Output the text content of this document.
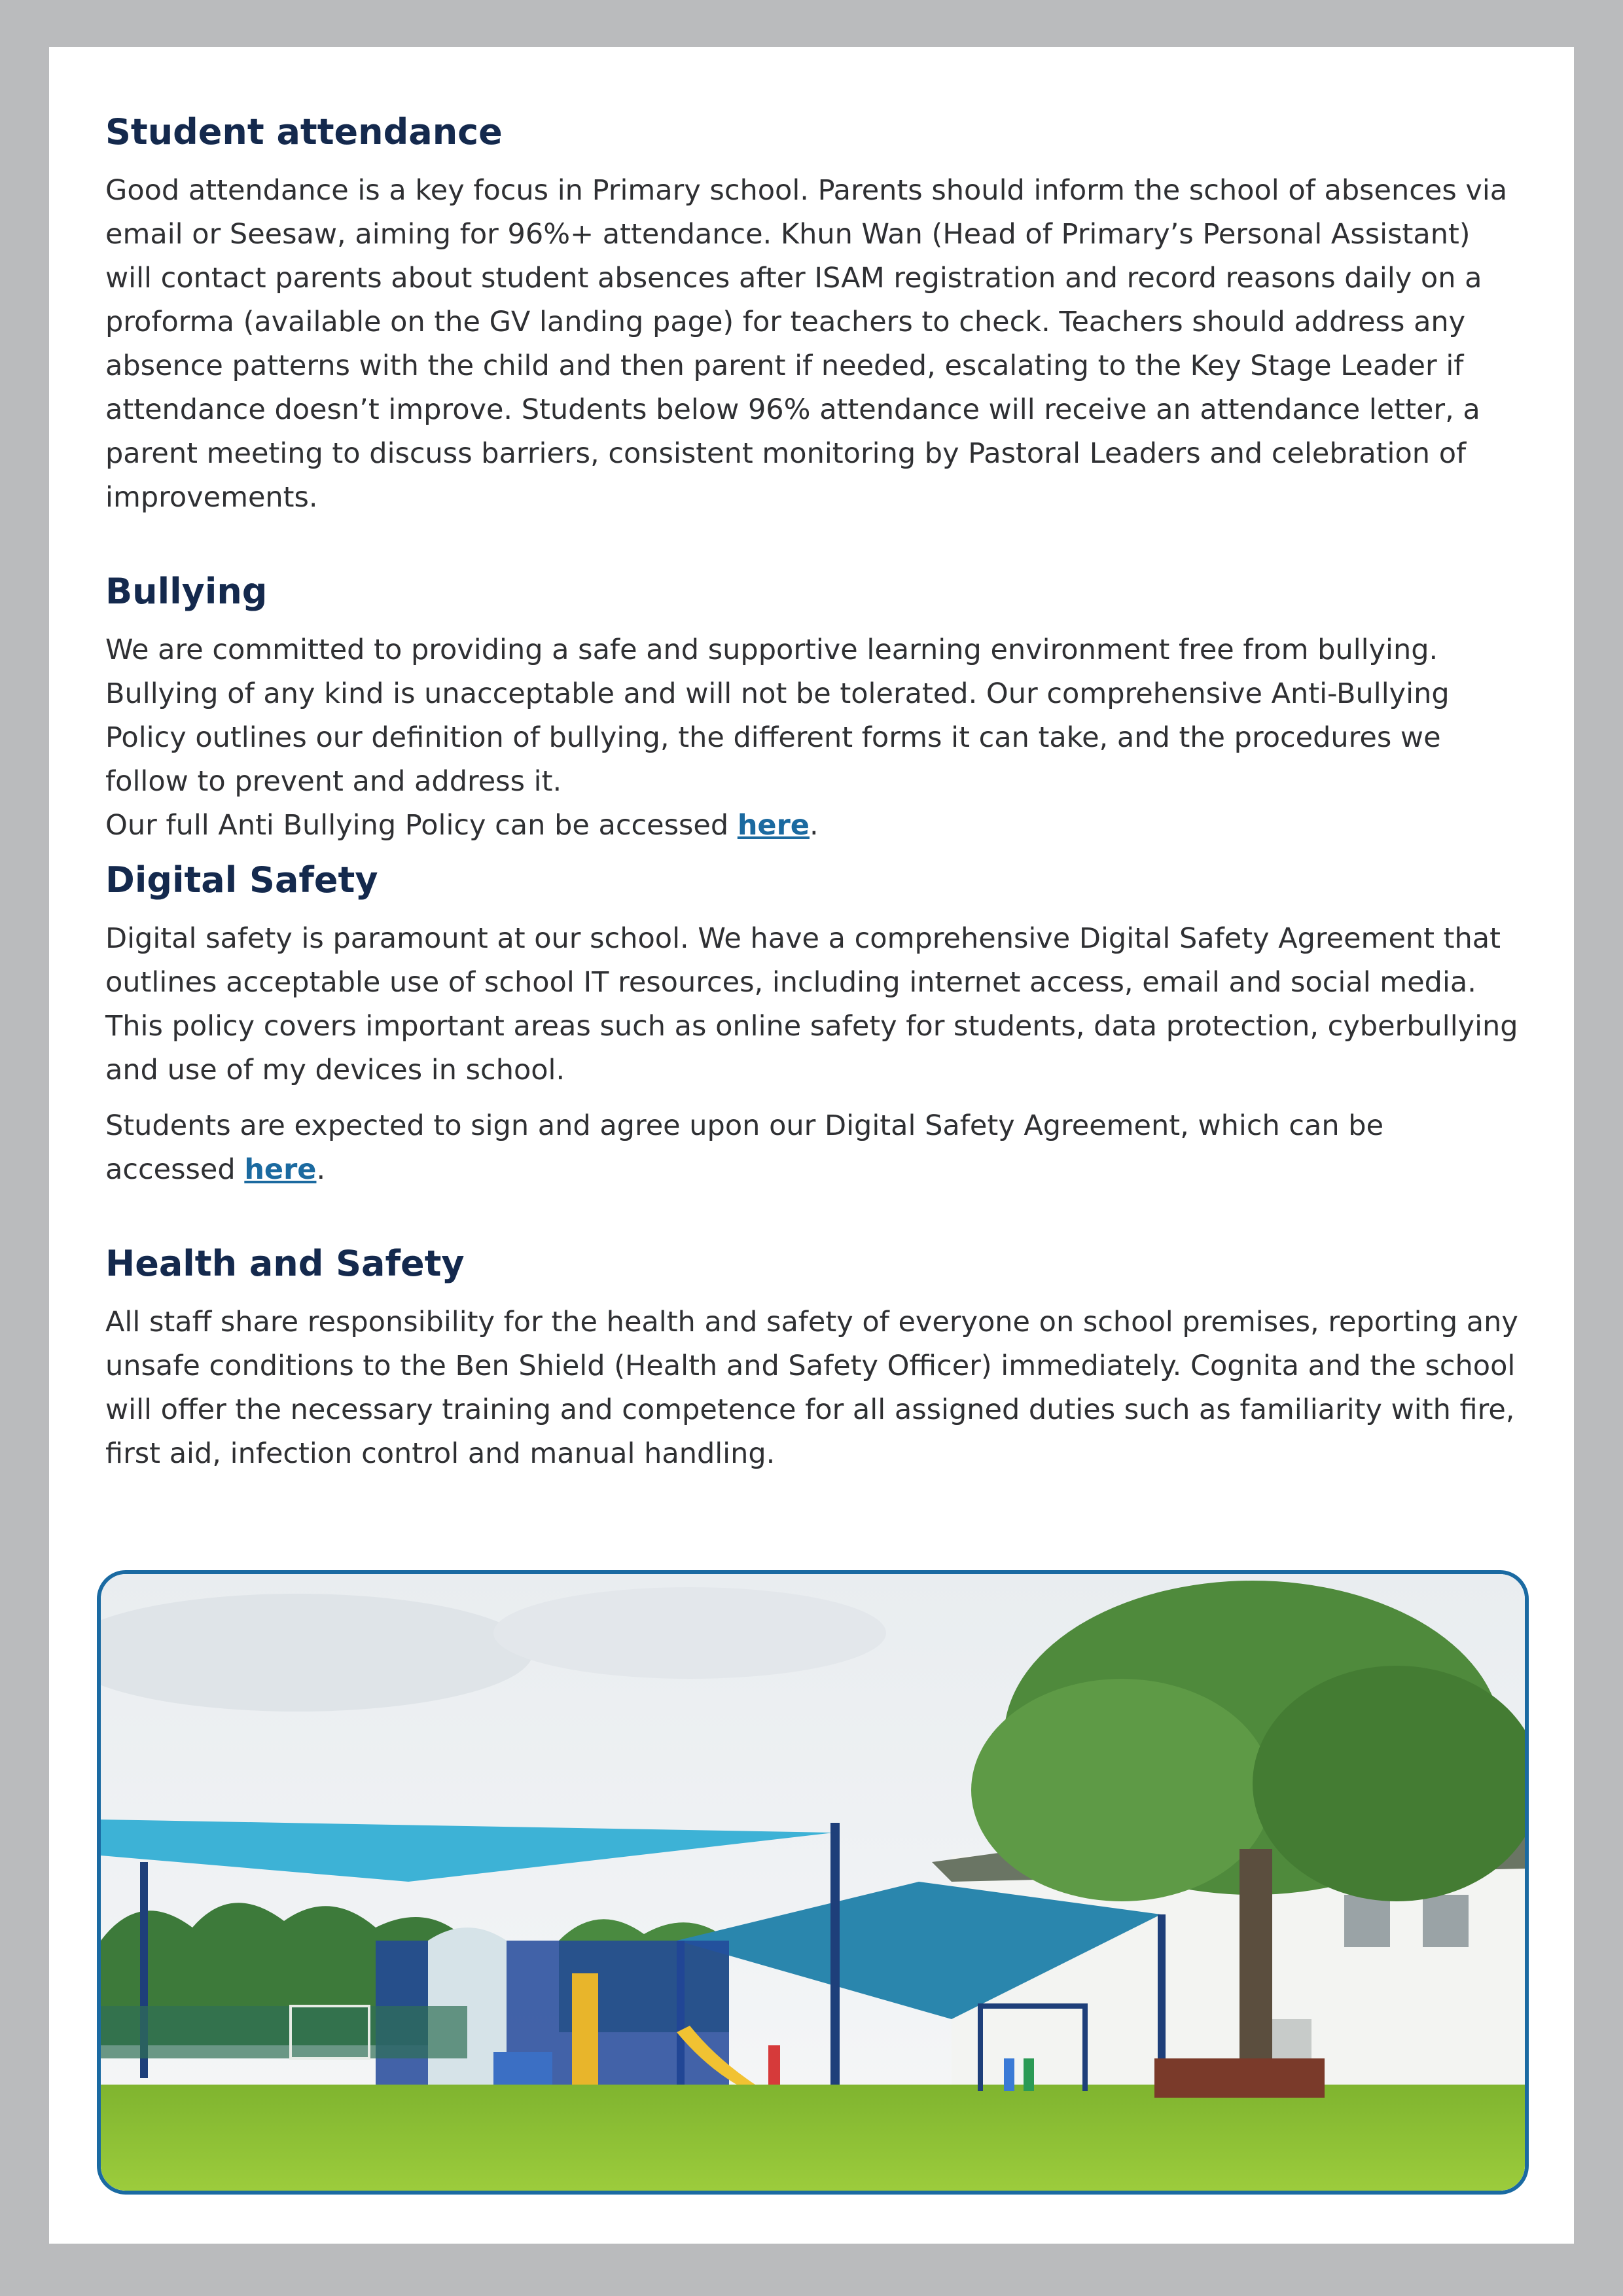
Student attendance

Good attendance is a key focus in Primary school. Parents should inform the school of absences via email or Seesaw, aiming for 96%+ attendance. Khun Wan (Head of Primary’s Personal Assistant) will contact parents about student absences after ISAM registration and record reasons daily on a proforma (available on the GV landing page) for teachers to check. Teachers should address any absence patterns with the child and then parent if needed, escalating to the Key Stage Leader if attendance doesn’t improve. Students below 96% attendance will receive an attendance letter, a parent meeting to discuss barriers, consistent monitoring by Pastoral Leaders and celebration of improvements.

Bullying

We are committed to providing a safe and supportive learning environment free from bullying. Bullying of any kind is unacceptable and will not be tolerated. Our comprehensive Anti-Bullying Policy outlines our definition of bullying, the different forms it can take, and the procedures we follow to prevent and address it.

Our full Anti Bullying Policy can be accessed here.

Digital Safety

Digital safety is paramount at our school. We have a comprehensive Digital Safety Agreement that outlines acceptable use of school IT resources, including internet access, email and social media. This policy covers important areas such as online safety for students, data protection, cyberbullying and use of my devices in school.

Students are expected to sign and agree upon our Digital Safety Agreement, which can be accessed here.

Health and Safety

All staff share responsibility for the health and safety of everyone on school premises, reporting any unsafe conditions to the Ben Shield (Health and Safety Officer) immediately. Cognita and the school will offer the necessary training and competence for all assigned duties such as familiarity with fire, first aid, infection control and manual handling.
